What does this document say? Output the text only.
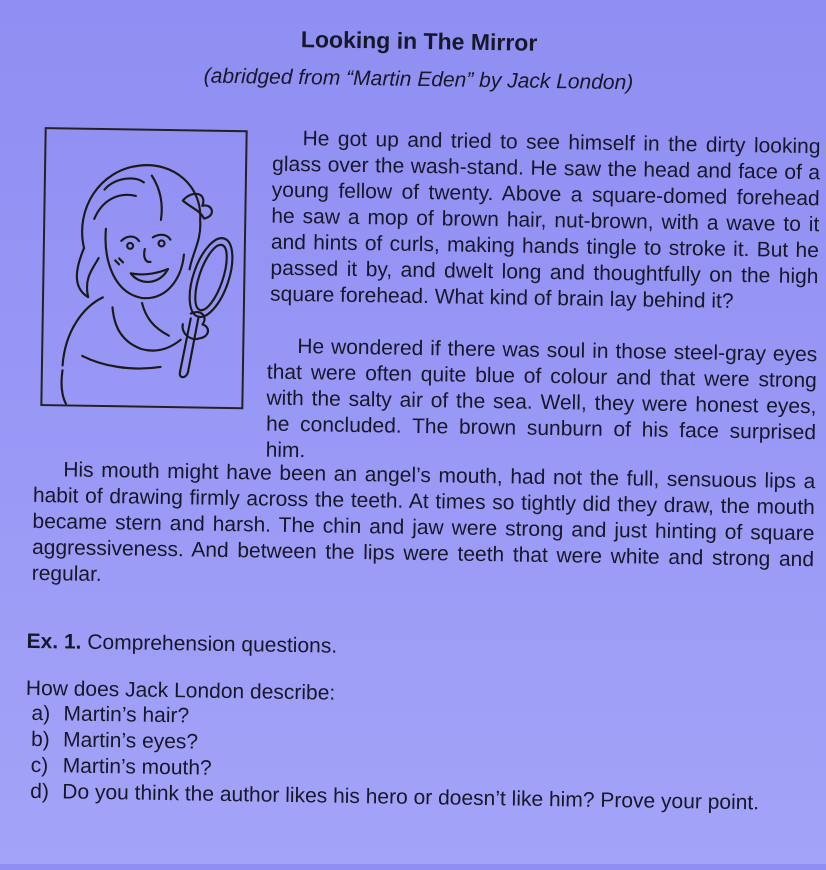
Looking in The Mirror
(abridged from “Martin Eden” by Jack London)

He got up and tried to see himself in the dirty looking glass over the wash-stand. He saw the head and face of a young fellow of twenty. Above a square-domed forehead he saw a mop of brown hair, nut-brown, with a wave to it and hints of curls, making hands tingle to stroke it. But he passed it by, and dwelt long and thoughtfully on the high square forehead. What kind of brain lay behind it?

He wondered if there was soul in those steel-gray eyes that were often quite blue of colour and that were strong with the salty air of the sea. Well, they were honest eyes, he concluded. The brown sunburn of his face surprised him.

His mouth might have been an angel’s mouth, had not the full, sensuous lips a habit of drawing firmly across the teeth. At times so tightly did they draw, the mouth became stern and harsh. The chin and jaw were strong and just hinting of square aggressiveness. And between the lips were teeth that were white and strong and regular.

Ex. 1. Comprehension questions.
How does Jack London describe:
a) Martin’s hair?
b) Martin’s eyes?
c) Martin’s mouth?
d) Do you think the author likes his hero or doesn’t like him? Prove your point.
